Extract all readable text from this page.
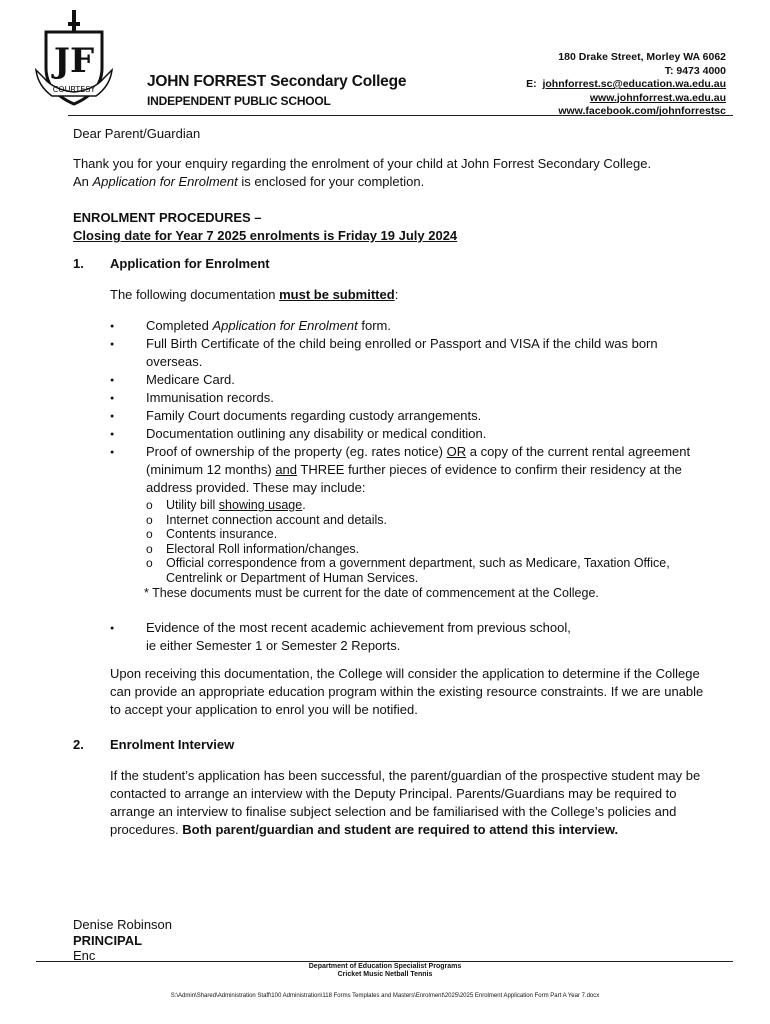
JF
COURTESY	JOHN FORREST Secondary College
INDEPENDENT PUBLIC SCHOOL
180 Drake Street, Morley WA 6062
T: 9473 4000
E: johnforrest.sc@education.wa.edu.au
www.johnforrest.wa.edu.au
www.facebook.com/johnforrestsc
Dear Parent/Guardian
Thank you for your enquiry regarding the enrolment of your child at John Forrest Secondary College.
An Application for Enrolment is enclosed for your completion.
ENROLMENT PROCEDURES –
Closing date for Year 7 2025 enrolments is Friday 19 July 2024
1. Application for Enrolment
The following documentation must be submitted:
● Completed Application for Enrolment form.
● Full Birth Certificate of the child being enrolled or Passport and VISA if the child was born overseas.
● Medicare Card.
● Immunisation records.
● Family Court documents regarding custody arrangements.
● Documentation outlining any disability or medical condition.
● Proof of ownership of the property (eg. rates notice) OR a copy of the current rental agreement (minimum 12 months) and THREE further pieces of evidence to confirm their residency at the address provided. These may include:
o Utility bill showing usage.
o Internet connection account and details.
o Contents insurance.
o Electoral Roll information/changes.
o Official correspondence from a government department, such as Medicare, Taxation Office, Centrelink or Department of Human Services.
* These documents must be current for the date of commencement at the College.
● Evidence of the most recent academic achievement from previous school,
ie either Semester 1 or Semester 2 Reports.
Upon receiving this documentation, the College will consider the application to determine if the College can provide an appropriate education program within the existing resource constraints. If we are unable to accept your application to enrol you will be notified.
2. Enrolment Interview
If the student’s application has been successful, the parent/guardian of the prospective student may be contacted to arrange an interview with the Deputy Principal. Parents/Guardians may be required to arrange an interview to finalise subject selection and be familiarised with the College’s policies and procedures. Both parent/guardian and student are required to attend this interview.
Denise Robinson
PRINCIPAL
Enc
Department of Education Specialist Programs
Cricket Music Netball Tennis
S:\Admin\Shared\Administration Staff\100 Administration\118 Forms Templates and Masters\Enrolment\2025\2025 Enrolment Application Form Part A Year 7.docx
